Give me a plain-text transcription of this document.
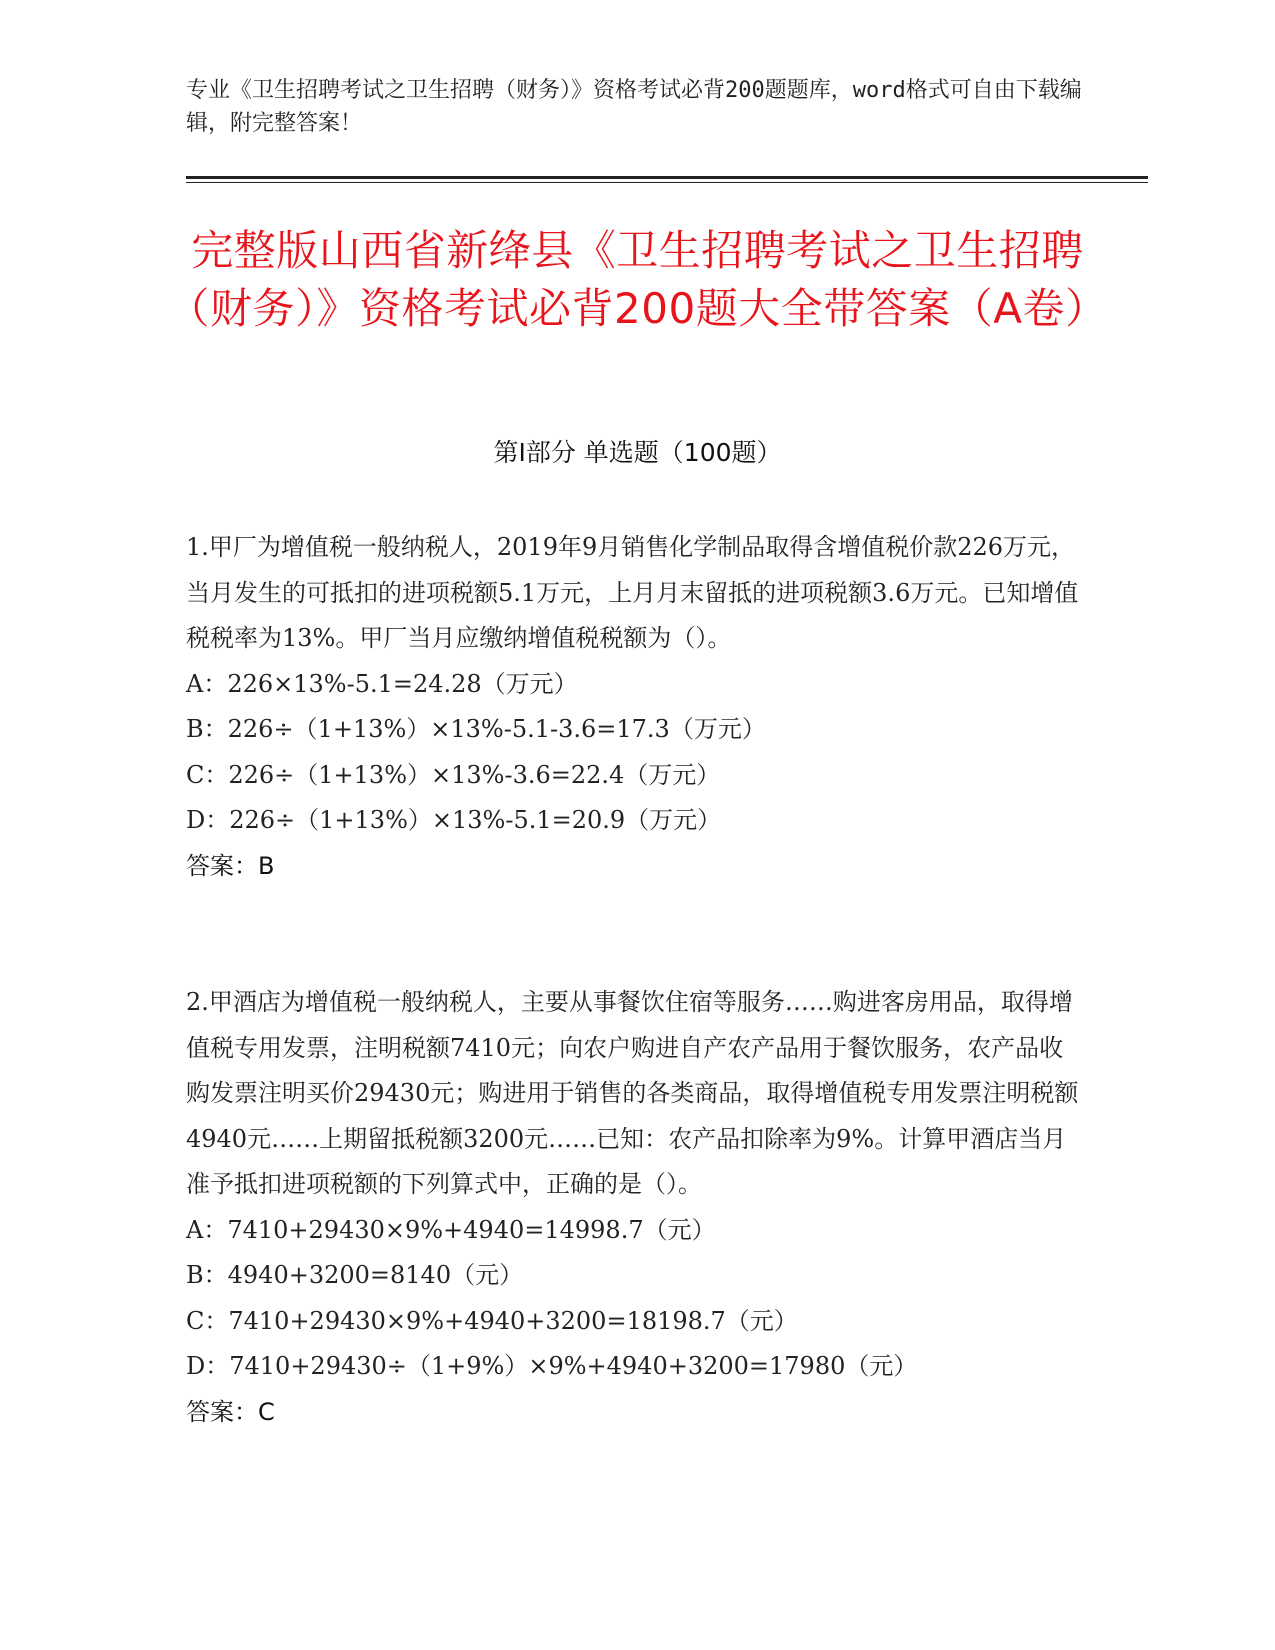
专业《卫生招聘考试之卫生招聘（财务）》资格考试必背200题题库，word格式可自由下载编辑，附完整答案！
完整版山西省新绛县《卫生招聘考试之卫生招聘（财务）》资格考试必背200题大全带答案（A卷）
第Ⅰ部分 单选题（100题）
1.甲厂为增值税一般纳税人，2019年9月销售化学制品取得含增值税价款226万元，当月发生的可抵扣的进项税额5.1万元，上月月末留抵的进项税额3.6万元。已知增值税税率为13%。甲厂当月应缴纳增值税税额为（）。
A：226×13%-5.1=24.28（万元）
B：226÷（1+13%）×13%-5.1-3.6=17.3（万元）
C：226÷（1+13%）×13%-3.6=22.4（万元）
D：226÷（1+13%）×13%-5.1=20.9（万元）
答案：B
2.甲酒店为增值税一般纳税人，主要从事餐饮住宿等服务……购进客房用品，取得增值税专用发票，注明税额7410元；向农户购进自产农产品用于餐饮服务，农产品收购发票注明买价29430元；购进用于销售的各类商品，取得增值税专用发票注明税额4940元……上期留抵税额3200元……已知：农产品扣除率为9%。计算甲酒店当月准予抵扣进项税额的下列算式中，正确的是（）。
A：7410+29430×9%+4940=14998.7（元）
B：4940+3200=8140（元）
C：7410+29430×9%+4940+3200=18198.7（元）
D：7410+29430÷（1+9%）×9%+4940+3200=17980（元）
答案：C
